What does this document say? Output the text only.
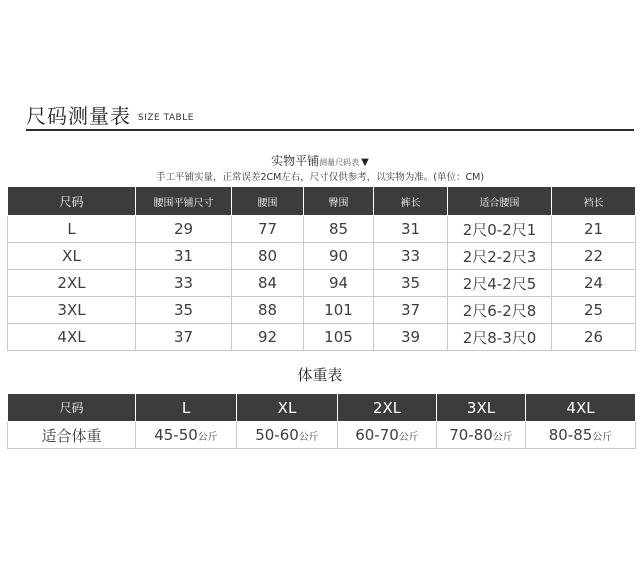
尺码测量表 SIZE TABLE
实物平铺测量尺码表 ▼
手工平铺实量，正常误差2CM左右，尺寸仅供参考，以实物为准。(单位：CM)
尺码	腰围平铺尺寸	腰围	臀围	裤长	适合腰围	裆长
L	29	77	85	31	2尺0-2尺1	21
XL	31	80	90	33	2尺2-2尺3	22
2XL	33	84	94	35	2尺4-2尺5	24
3XL	35	88	101	37	2尺6-2尺8	25
4XL	37	92	105	39	2尺8-3尺0	26
体重表
尺码	L	XL	2XL	3XL	4XL
适合体重	45-50公斤	50-60公斤	60-70公斤	70-80公斤	80-85公斤
